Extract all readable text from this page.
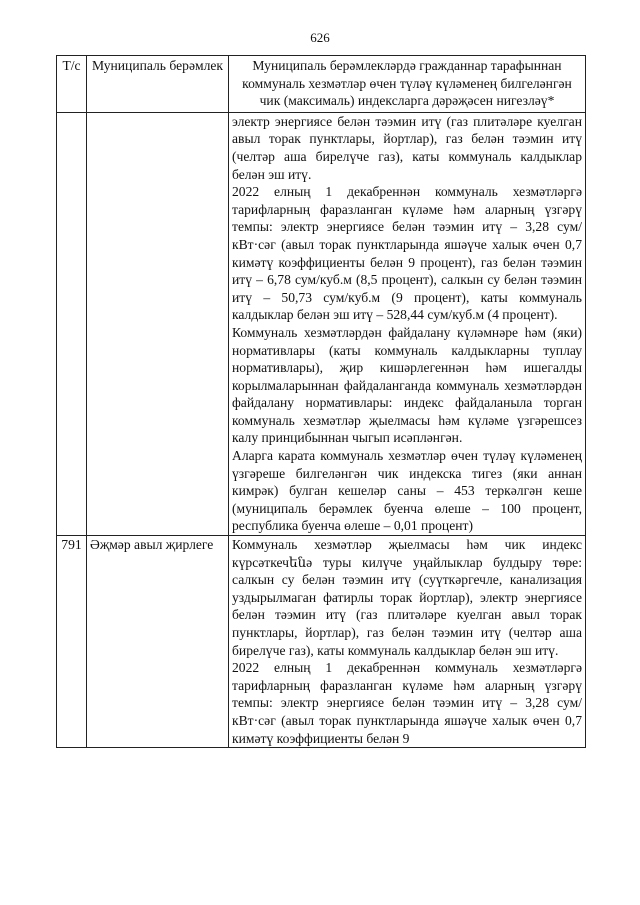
626
Т/с	Муниципаль берәмлек	Муниципаль берәмлекләрдә гражданнар тарафыннан коммуналь хезмәтләр өчен түләү күләменең билгеләнгән чик (максималь) индексларга дәрәҗәсен нигезләү*

		электр энергиясе белән тәэмин итү (газ плитәләре куелган авыл торак пунктлары, йортлар), газ белән тәэмин итү (челтәр аша бирелүче газ), каты коммуналь калдыклар белән эш итү.

2022 елның 1 декабреннән коммуналь хезмәтләргә тарифларның фаразланган күләме һәм аларның үзгәрү темпы: электр энергиясе белән тәэмин итү – 3,28 сум/кВт·сәг (авыл торак пунктларында яшәүче халык өчен 0,7 кимәтү коэффициенты белән 9 процент), газ белән тәэмин итү – 6,78 сум/куб.м (8,5 процент), салкын су белән тәэмин итү – 50,73 сум/куб.м (9 процент), каты коммуналь калдыклар белән эш итү – 528,44 сум/куб.м (4 процент).

Коммуналь хезмәтләрдән файдалану күләмнәре һәм (яки) нормативлары (каты коммуналь калдыкларны туплау нормативлары), җир кишәрлегеннән һәм ишегалды корылмаларыннан файдаланганда коммуналь хезмәтләрдән файдалану нормативлары: индекс файдаланыла торган коммуналь хезмәтләр җыелмасы һәм күләме үзгәрешсез калу принцибыннан чыгып исәпләнгән.

Аларга карата коммуналь хезмәтләр өчен түләү күләменең үзгәреше билгеләнгән чик индекска тигез (яки аннан кимрәк) булган кешеләр саны – 453 теркәлгән кеше (муниципаль берәмлек буенча өлеше – 100 процент, республика буенча өлеше – 0,01 процент)

791	Әҗмәр авыл җирлеге	Коммуналь хезмәтләр җыелмасы һәм чик индекс күрсәткечենә туры килүче уңайлыклар булдыру төре: салкын су белән тәэмин итү (суүткәргечле, канализация уздырылмаган фатирлы торак йортлар), электр энергиясе белән тәэмин итү (газ плитәләре куелган авыл торак пунктлары, йортлар), газ белән тәэмин итү (челтәр аша бирелүче газ), каты коммуналь калдыклар белән эш итү.

2022 елның 1 декабреннән коммуналь хезмәтләргә тарифларның фаразланган күләме һәм аларның үзгәрү темпы: электр энергиясе белән тәэмин итү – 3,28 сум/кВт·сәг (авыл торак пунктларында яшәүче халык өчен 0,7 кимәтү коэффициенты белән 9
